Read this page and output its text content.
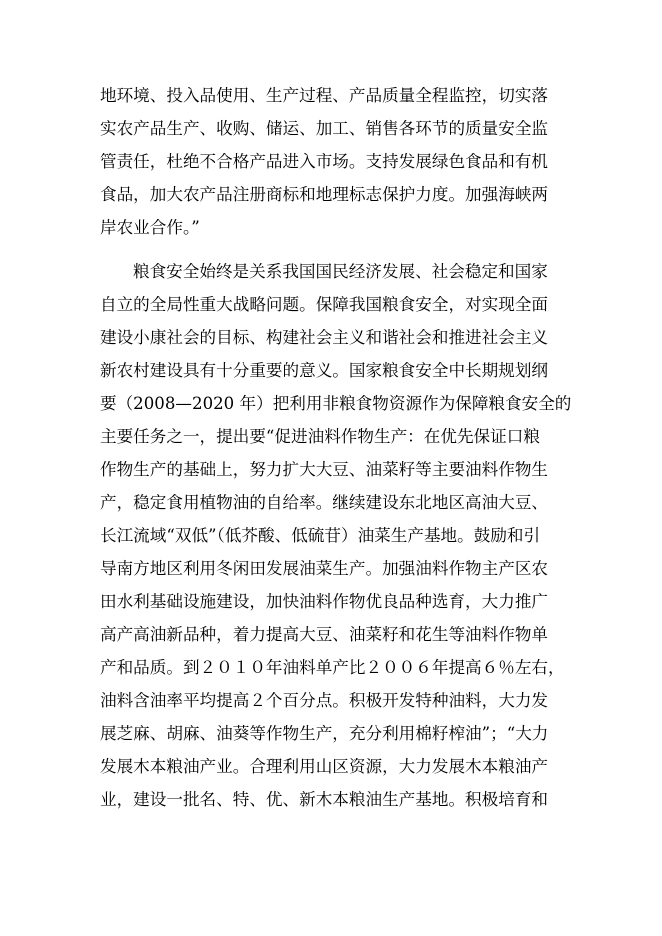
地环境、投入品使用、生产过程、产品质量全程监控，切实落
实农产品生产、收购、储运、加工、销售各环节的质量安全监
管责任，杜绝不合格产品进入市场。支持发展绿色食品和有机
食品，加大农产品注册商标和地理标志保护力度。加强海峡两
岸农业合作。”
粮食安全始终是关系我国国民经济发展、社会稳定和国家
自立的全局性重大战略问题。保障我国粮食安全，对实现全面
建设小康社会的目标、构建社会主义和谐社会和推进社会主义
新农村建设具有十分重要的意义。国家粮食安全中长期规划纲
要（2008—2020 年）把利用非粮食物资源作为保障粮食安全的
主要任务之一，提出要“促进油料作物生产：在优先保证口粮
作物生产的基础上，努力扩大大豆、油菜籽等主要油料作物生
产，稳定食用植物油的自给率。继续建设东北地区高油大豆、
长江流域“双低”（低芥酸、低硫苷）油菜生产基地。鼓励和引
导南方地区利用冬闲田发展油菜生产。加强油料作物主产区农
田水利基础设施建设，加快油料作物优良品种选育，大力推广
高产高油新品种，着力提高大豆、油菜籽和花生等油料作物单
产和品质。到２０１０年油料单产比２００６年提高６％左右，
油料含油率平均提高２个百分点。积极开发特种油料，大力发
展芝麻、胡麻、油葵等作物生产，充分利用棉籽榨油”；“大力
发展木本粮油产业。合理利用山区资源，大力发展木本粮油产
业，建设一批名、特、优、新木本粮油生产基地。积极培育和
